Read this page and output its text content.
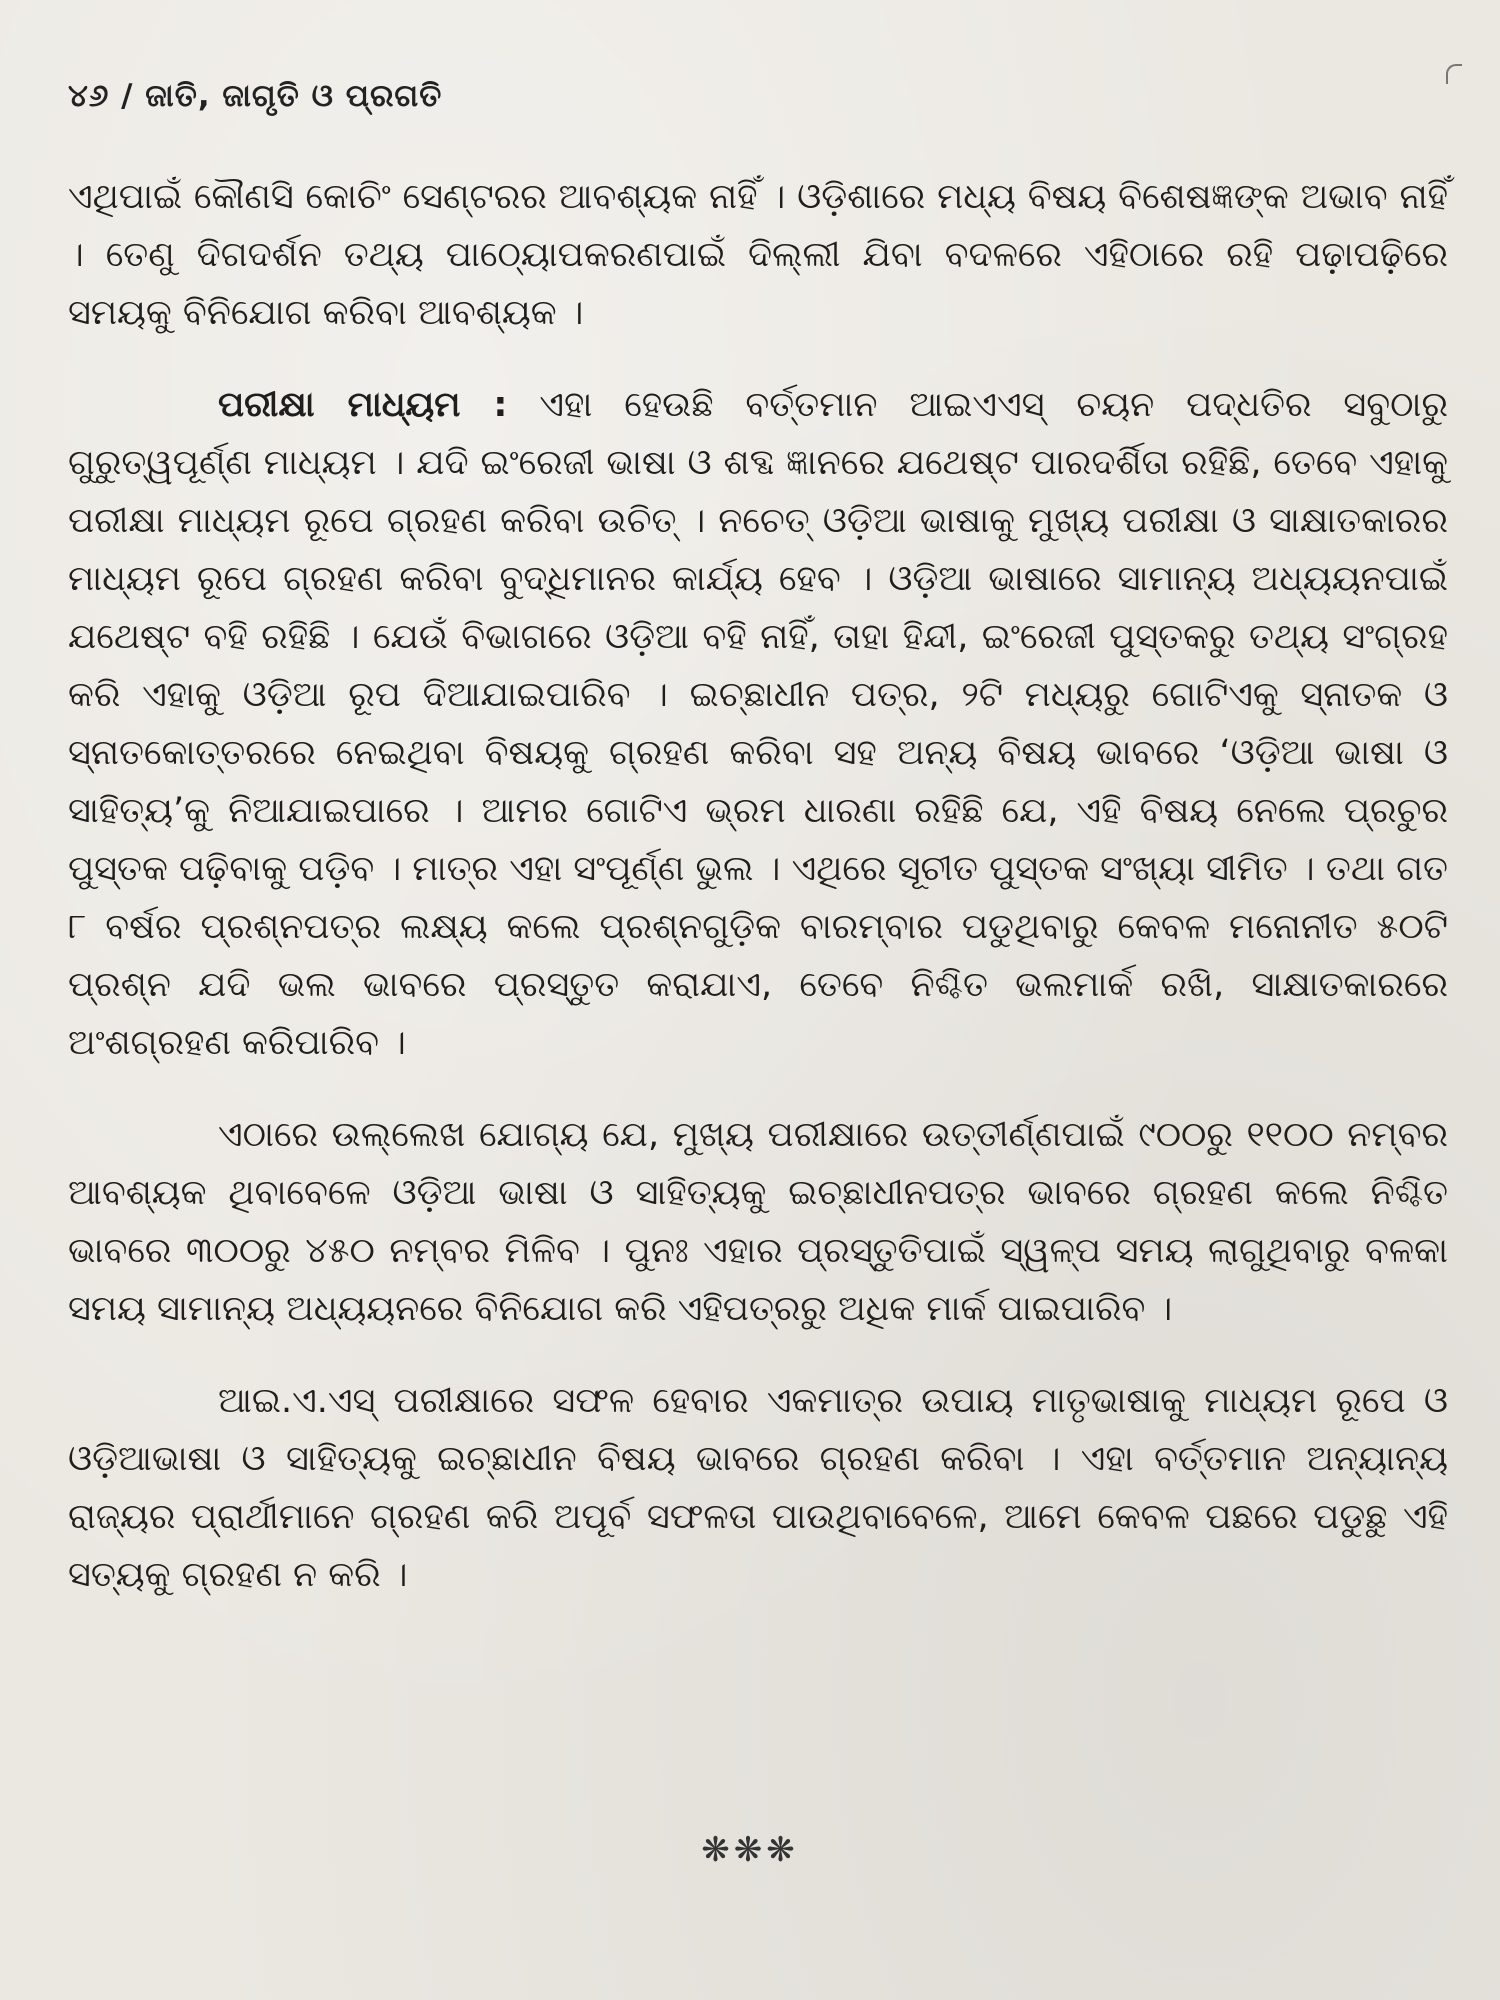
୪୬ / ଜାତି, ଜାଗୃତି ଓ ପ୍ରଗତି

ଏଥିପାଇଁ କୌଣସି କୋଚିଂ ସେଣ୍ଟରର ଆବଶ୍ୟକ ନାହିଁ । ଓଡ଼ିଶାରେ ମଧ୍ୟ ବିଷୟ ବିଶେଷଜ୍ଞଙ୍କ ଅଭାବ ନାହିଁ । ତେଣୁ ଦିଗଦର୍ଶନ ତଥ୍ୟ ପାଠ୍ୟୋପକରଣପାଇଁ ଦିଲ୍ଲୀ ଯିବା ବଦଳରେ ଏହିଠାରେ ରହି ପଢ଼ାପଢ଼ିରେ ସମୟକୁ ବିନିଯୋଗ କରିବା ଆବଶ୍ୟକ ।

ପରୀକ୍ଷା ମାଧ୍ୟମ : ଏହା ହେଉଛି ବର୍ତ୍ତମାନ ଆଇଏଏସ୍ ଚୟନ ପଦ୍ଧତିର ସବୁଠାରୁ ଗୁରୁତ୍ୱପୂର୍ଣ୍ଣ ମାଧ୍ୟମ । ଯଦି ଇଂରେଜୀ ଭାଷା ଓ ଶବ୍ଦ ଜ୍ଞାନରେ ଯଥେଷ୍ଟ ପାରଦର୍ଶିତା ରହିଛି, ତେବେ ଏହାକୁ ପରୀକ୍ଷା ମାଧ୍ୟମ ରୂପେ ଗ୍ରହଣ କରିବା ଉଚିତ୍ । ନଚେତ୍ ଓଡ଼ିଆ ଭାଷାକୁ ମୁଖ୍ୟ ପରୀକ୍ଷା ଓ ସାକ୍ଷାତକାରର ମାଧ୍ୟମ ରୂପେ ଗ୍ରହଣ କରିବା ବୁଦ୍ଧିମାନର କାର୍ଯ୍ୟ ହେବ । ଓଡ଼ିଆ ଭାଷାରେ ସାମାନ୍ୟ ଅଧ୍ୟୟନପାଇଁ ଯଥେଷ୍ଟ ବହି ରହିଛି । ଯେଉଁ ବିଭାଗରେ ଓଡ଼ିଆ ବହି ନାହିଁ, ତାହା ହିନ୍ଦୀ, ଇଂରେଜୀ ପୁସ୍ତକରୁ ତଥ୍ୟ ସଂଗ୍ରହ କରି ଏହାକୁ ଓଡ଼ିଆ ରୂପ ଦିଆଯାଇପାରିବ । ଇଚ୍ଛାଧୀନ ପତ୍ର, ୨ଟି ମଧ୍ୟରୁ ଗୋଟିଏକୁ ସ୍ନାତକ ଓ ସ୍ନାତକୋତ୍ତରରେ ନେଇଥିବା ବିଷୟକୁ ଗ୍ରହଣ କରିବା ସହ ଅନ୍ୟ ବିଷୟ ଭାବରେ ‘ଓଡ଼ିଆ ଭାଷା ଓ ସାହିତ୍ୟ’କୁ ନିଆଯାଇପାରେ । ଆମର ଗୋଟିଏ ଭ୍ରମ ଧାରଣା ରହିଛି ଯେ, ଏହି ବିଷୟ ନେଲେ ପ୍ରଚୁର ପୁସ୍ତକ ପଢ଼ିବାକୁ ପଡ଼ିବ । ମାତ୍ର ଏହା ସଂପୂର୍ଣ୍ଣ ଭୁଲ । ଏଥିରେ ସୂଚୀତ ପୁସ୍ତକ ସଂଖ୍ୟା ସୀମିତ । ତଥା ଗତ ୮ ବର୍ଷର ପ୍ରଶ୍ନପତ୍ର ଲକ୍ଷ୍ୟ କଲେ ପ୍ରଶ୍ନଗୁଡ଼ିକ ବାରମ୍ବାର ପଡୁଥିବାରୁ କେବଳ ମନୋନୀତ ୫୦ଟି ପ୍ରଶ୍ନ ଯଦି ଭଲ ଭାବରେ ପ୍ରସ୍ତୁତ କରାଯାଏ, ତେବେ ନିଶ୍ଚିତ ଭଲମାର୍କ ରଖି, ସାକ୍ଷାତକାରରେ ଅଂଶଗ୍ରହଣ କରିପାରିବ ।

ଏଠାରେ ଉଲ୍ଲେଖ ଯୋଗ୍ୟ ଯେ, ମୁଖ୍ୟ ପରୀକ୍ଷାରେ ଉତ୍ତୀର୍ଣ୍ଣପାଇଁ ୯୦୦ରୁ ୧୧୦୦ ନମ୍ବର ଆବଶ୍ୟକ ଥିବାବେଳେ ଓଡ଼ିଆ ଭାଷା ଓ ସାହିତ୍ୟକୁ ଇଚ୍ଛାଧୀନପତ୍ର ଭାବରେ ଗ୍ରହଣ କଲେ ନିଶ୍ଚିତ ଭାବରେ ୩୦୦ରୁ ୪୫୦ ନମ୍ବର ମିଳିବ । ପୁନଃ ଏହାର ପ୍ରସ୍ତୁତିପାଇଁ ସ୍ୱଳ୍ପ ସମୟ ଲାଗୁଥିବାରୁ ବଳକା ସମୟ ସାମାନ୍ୟ ଅଧ୍ୟୟନରେ ବିନିଯୋଗ କରି ଏହିପତ୍ରରୁ ଅଧିକ ମାର୍କ ପାଇପାରିବ ।

ଆଇ.ଏ.ଏସ୍ ପରୀକ୍ଷାରେ ସଫଳ ହେବାର ଏକମାତ୍ର ଉପାୟ ମାତୃଭାଷାକୁ ମାଧ୍ୟମ ରୂପେ ଓ ଓଡ଼ିଆଭାଷା ଓ ସାହିତ୍ୟକୁ ଇଚ୍ଛାଧୀନ ବିଷୟ ଭାବରେ ଗ୍ରହଣ କରିବା । ଏହା ବର୍ତ୍ତମାନ ଅନ୍ୟାନ୍ୟ ରାଜ୍ୟର ପ୍ରାର୍ଥୀମାନେ ଗ୍ରହଣ କରି ଅପୂର୍ବ ସଫଳତା ପାଉଥିବାବେଳେ, ଆମେ କେବଳ ପଛରେ ପଡୁଛୁ ଏହି ସତ୍ୟକୁ ଗ୍ରହଣ ନ କରି ।

❋❋❋
